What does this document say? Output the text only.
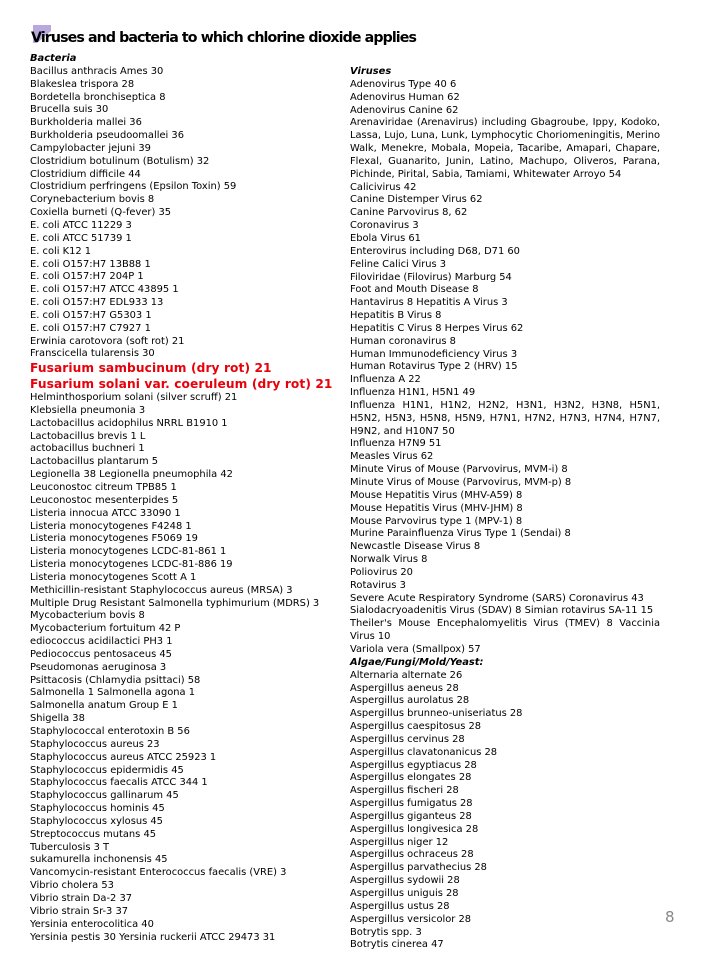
Viruses and bacteria to which chlorine dioxide applies
Bacteria
Bacillus anthracis Ames 30
Blakeslea trispora 28
Bordetella bronchiseptica 8
Brucella suis 30
Burkholderia mallei 36
Burkholderia pseudoomallei 36
Campylobacter jejuni 39
Clostridium botulinum (Botulism) 32
Clostridium difficile 44
Clostridium perfringens (Epsilon Toxin) 59
Corynebacterium bovis 8
Coxiella burneti (Q-fever) 35
E. coli ATCC 11229 3
E. coli ATCC 51739 1
E. coli K12 1
E. coli O157:H7 13B88 1
E. coli O157:H7 204P 1
E. coli O157:H7 ATCC 43895 1
E. coli O157:H7 EDL933 13
E. coli O157:H7 G5303 1
E. coli O157:H7 C7927 1
Erwinia carotovora (soft rot) 21
Franscicella tularensis 30
Fusarium sambucinum (dry rot) 21
Fusarium solani var. coeruleum (dry rot) 21
Helminthosporium solani (silver scruff) 21
Klebsiella pneumonia 3
Lactobacillus acidophilus NRRL B1910 1
Lactobacillus brevis 1 L
actobacillus buchneri 1
Lactobacillus plantarum 5
Legionella 38 Legionella pneumophila 42
Leuconostoc citreum TPB85 1
Leuconostoc mesenterpides 5
Listeria innocua ATCC 33090 1
Listeria monocytogenes F4248 1
Listeria monocytogenes F5069 19
Listeria monocytogenes LCDC-81-861 1
Listeria monocytogenes LCDC-81-886 19
Listeria monocytogenes Scott A 1
Methicillin-resistant Staphylococcus aureus (MRSA) 3
Multiple Drug Resistant Salmonella typhimurium (MDRS) 3
Mycobacterium bovis 8
Mycobacterium fortuitum 42 P
ediococcus acidilactici PH3 1
Pediococcus pentosaceus 45
Pseudomonas aeruginosa 3
Psittacosis (Chlamydia psittaci) 58
Salmonella 1 Salmonella agona 1
Salmonella anatum Group E 1
Shigella 38
Staphylococcal enterotoxin B 56
Staphylococcus aureus 23
Staphylococcus aureus ATCC 25923 1
Staphylococcus epidermidis 45
Staphylococcus faecalis ATCC 344 1
Staphylococcus gallinarum 45
Staphylococcus hominis 45
Staphylococcus xylosus 45
Streptococcus mutans 45
Tuberculosis 3 T
sukamurella inchonensis 45
Vancomycin-resistant Enterococcus faecalis (VRE) 3
Vibrio cholera 53
Vibrio strain Da-2 37
Vibrio strain Sr-3 37
Yersinia enterocolitica 40
Yersinia pestis 30 Yersinia ruckerii ATCC 29473 31
Viruses
Adenovirus Type 40 6
Adenovirus Human 62
Adenovirus Canine 62
Arenaviridae (Arenavirus) including Gbagroube, Ippy, Kodoko, Lassa, Lujo, Luna, Lunk, Lymphocytic Choriomeningitis, Merino Walk, Menekre, Mobala, Mopeia, Tacaribe, Amapari, Chapare, Flexal, Guanarito, Junin, Latino, Machupo, Oliveros, Parana, Pichinde, Pirital, Sabia, Tamiami, Whitewater Arroyo 54
Calicivirus 42
Canine Distemper Virus 62
Canine Parvovirus 8, 62
Coronavirus 3
Ebola Virus 61
Enterovirus including D68, D71 60
Feline Calici Virus 3
Filoviridae (Filovirus) Marburg 54
Foot and Mouth Disease 8
Hantavirus 8 Hepatitis A Virus 3
Hepatitis B Virus 8
Hepatitis C Virus 8 Herpes Virus 62
Human coronavirus 8
Human Immunodeficiency Virus 3
Human Rotavirus Type 2 (HRV) 15
Influenza A 22
Influenza H1N1, H5N1 49
Influenza H1N1, H1N2, H2N2, H3N1, H3N2, H3N8, H5N1, H5N2, H5N3, H5N8, H5N9, H7N1, H7N2, H7N3, H7N4, H7N7, H9N2, and H10N7 50
Influenza H7N9 51
Measles Virus 62
Minute Virus of Mouse (Parvovirus, MVM-i) 8
Minute Virus of Mouse (Parvovirus, MVM-p) 8
Mouse Hepatitis Virus (MHV-A59) 8
Mouse Hepatitis Virus (MHV-JHM) 8
Mouse Parvovirus type 1 (MPV-1) 8
Murine Parainfluenza Virus Type 1 (Sendai) 8
Newcastle Disease Virus 8
Norwalk Virus 8
Poliovirus 20
Rotavirus 3
Severe Acute Respiratory Syndrome (SARS) Coronavirus 43
Sialodacryoadenitis Virus (SDAV) 8 Simian rotavirus SA-11 15
Theiler's Mouse Encephalomyelitis Virus (TMEV) 8 Vaccinia Virus 10
Variola vera (Smallpox) 57
Algae/Fungi/Mold/Yeast:
Alternaria alternate 26
Aspergillus aeneus 28
Aspergillus aurolatus 28
Aspergillus brunneo-uniseriatus 28
Aspergillus caespitosus 28
Aspergillus cervinus 28
Aspergillus clavatonanicus 28
Aspergillus egyptiacus 28
Aspergillus elongates 28
Aspergillus fischeri 28
Aspergillus fumigatus 28
Aspergillus giganteus 28
Aspergillus longivesica 28
Aspergillus niger 12
Aspergillus ochraceus 28
Aspergillus parvathecius 28
Aspergillus sydowii 28
Aspergillus uniguis 28
Aspergillus ustus 28
Aspergillus versicolor 28
Botrytis spp. 3
Botrytis cinerea 47
8
